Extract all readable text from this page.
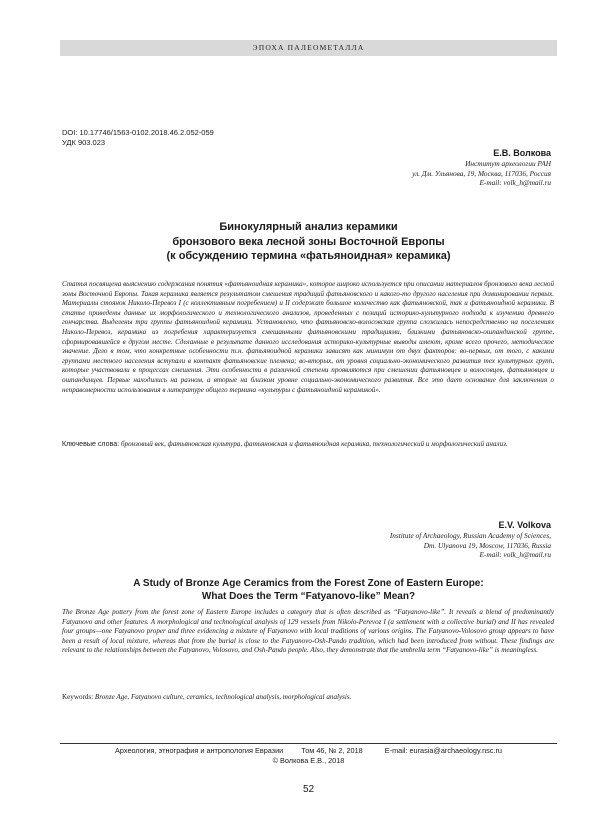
ЭПОХА ПАЛЕОМЕТАЛЛА
DOI: 10.17746/1563-0102.2018.46.2.052-059
УДК 903.023
Е.В. Волкова
Институт археологии РАН
ул. Дм. Ульянова, 19, Москва, 117036, Россия
E-mail: volk_h@mail.ru
Бинокулярный анализ керамики
бронзового века лесной зоны Восточной Европы
(к обсуждению термина «фатьяноидная» керамика)
Статья посвящена выяснению содержания понятия «фатьяноидная керамика», которое широко используется при описании материалов бронзового века лесной зоны Восточной Европы. Такая керамика является результатом смешения традиций фатьяновского и какого-то другого населения при доминировании первых. Материалы стоянок Николо-Перевоз I (с коллективным погребением) и II содержат большое количество как фатьяновской, так и фатьяноидной керамики. В статье приведены данные их морфологического и технологического анализов, проведенных с позиций историко-культурного подхода к изучению древнего гончарства. Выделены три группы фатьяноидной керамики. Установлено, что фатьяновско-волосовская группа сложилась непосредственно на поселениях Николо-Перевоз, керамика из погребения характеризуется смешанными фатьяновскими традициями, близкими фатьяновско-ошпандинской группе, сформировавшейся в другом месте. Сделанные в результате данного исследования историко-культурные выводы имеют, кроме всего прочего, методическое значение. Дело в том, что конкретные особенности т.н. фатьяноидной керамики зависят как минимум от двух факторов: во-первых, от того, с какими группами местного населения вступали в контакт фатьяновские племена; во-вторых, от уровня социально-экономического развития тех культурных групп, которые участвовали в процессах смешения. Эти особенности в различной степени проявляются при смешении фатьяновцев и волосовцев, фатьяновцев и ошпандинцев. Первые находились на разном, а вторые на близком уровне социально-экономического развития. Все это дает основание для заключения о неправомерности использования в литературе общего термина «культуры с фатьяноидной керамикой».
Ключевые слова: бронзовый век, фатьяновская культура, фатьяновская и фатьяноидная керамика, технологический и морфологический анализ.
E.V. Volkova
Institute of Archaeology, Russian Academy of Sciences,
Dm. Ulyanova 19, Moscow, 117036, Russia
E-mail: volk_h@mail.ru
A Study of Bronze Age Ceramics from the Forest Zone of Eastern Europe:
What Does the Term “Fatyanovo-like” Mean?
The Bronze Age pottery from the forest zone of Eastern Europe includes a category that is often described as “Fatyanovo-like”. It reveals a blend of predominantly Fatyanovo and other features. A morphological and technological analysis of 129 vessels from Nikolo-Perevoz I (a settlement with a collective burial) and II has revealed four groups—one Fatyanovo proper and three evidencing a mixture of Fatyanovo with local traditions of various origins. The Fatyanovo-Volosovo group appears to have been a result of local mixture, whereas that from the burial is close to the Fatyanovo-Osh-Pando tradition, which had been introduced from without. These findings are relevant to the relationships between the Fatyanovo, Volosovo, and Osh-Pando people. Also, they demonstrate that the umbrella term “Fatyanovo-like” is meaningless.
Keywords: Bronze Age, Fatyanovo culture, ceramics, technological analysis, morphological analysis.
Археология, этнография и антропология Евразии Том 46, № 2, 2018	E-mail: eurasia@archaeology.nsc.ru
© Волкова Е.В., 2018
52
